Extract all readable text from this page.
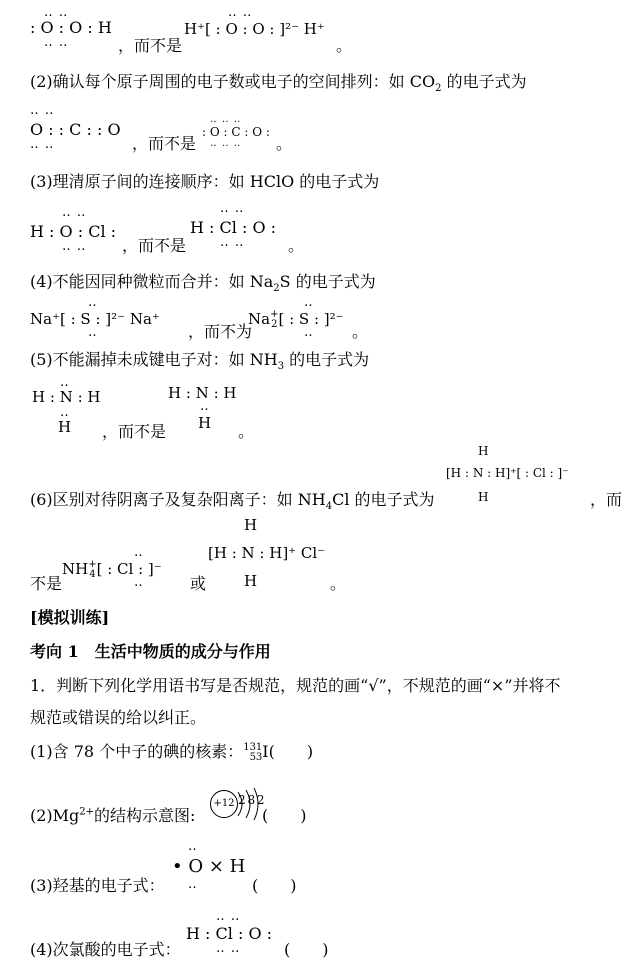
‥ ‥
: O : O : H
‥ ‥	，而不是
‥ ‥
H⁺[ : O : O : ]²⁻ H⁺
。
(2)确认每个原子周围的电子数或电子的空间排列：如 $CO_2$ 的电子式为
‥ ‥
O : : C : : O
‥ ‥	，而不是
‥ ‥ ‥
: O : C : O :
‥ ‥ ‥ 。
(3)理清原子间的连接顺序：如 HClO 的电子式为
‥ ‥
H : O : Cl :
‥ ‥ ，而不是
‥ ‥
H : Cl : O :
‥ ‥	。
(4)不能因同种微粒而合并：如 $Na_2S$ 的电子式为
‥
Na⁺[ : S : ]²⁻ Na⁺
‥	，而不为
‥
Na+
2[ : S : ]²⁻
‥ 。
(5)不能漏掉未成键电子对：如 $NH_3$ 的电子式为
‥
H : N : H
‥
H ，而不是
H : N : H
‥
H 。
H
[H : N : H]⁺[ : Cl : ]⁻
H
(6)区别对待阴离子及复杂阳离子：如 $NH_4Cl$ 的电子式为	，而
不是
‥
NH+
4[ : Cl : ]⁻
‥	或
H
[H : N : H]⁺ Cl⁻
H	。
[模拟训练]
考向 1　生活中物质的成分与作用
1．判断下列化学用语书写是否规范，规范的画“√”，不规范的画“×”并将不
规范或错误的给以纠正。
(1)含 78 个中子的碘的核素：131
53I(　　)
+12 2 8 2
$(2)Mg^{2+}$的结构示意图:	(　　)
‥
• O × H
‥
(3)羟基的电子式：	(　　)
‥ ‥
H : Cl : O :
‥ ‥
(4)次氯酸的电子式：	(　　)
